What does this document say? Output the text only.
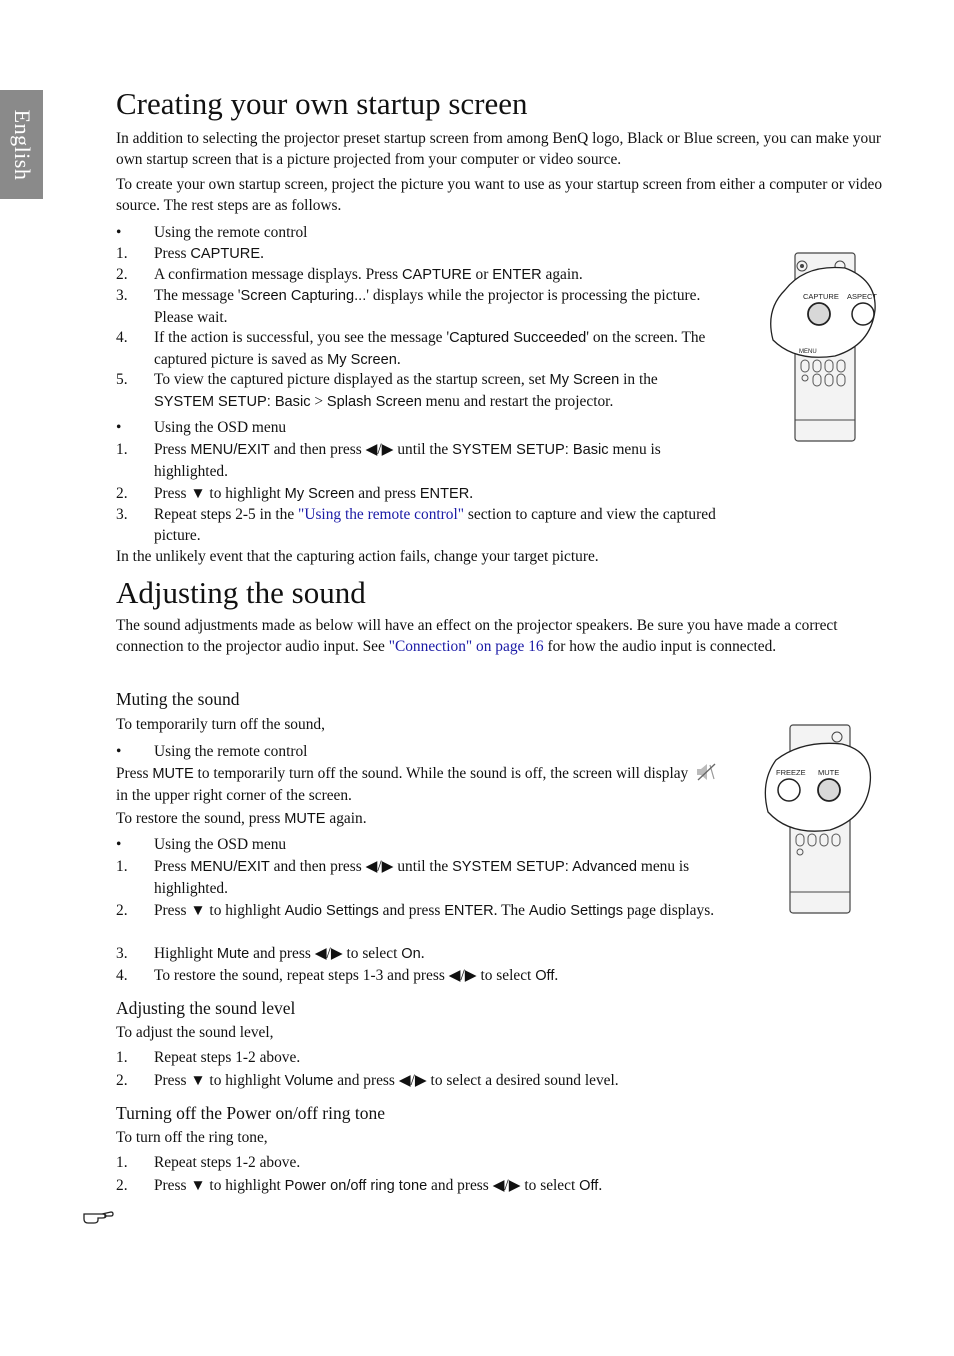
English
Creating your own startup screen

In addition to selecting the projector preset startup screen from among BenQ logo, Black or Blue screen, you can make your own startup screen that is a picture projected from your computer or video source.

To create your own startup screen, project the picture you want to use as your startup screen from either a computer or video source. The rest steps are as follows.

• Using the remote control
1. Press CAPTURE.
2. A confirmation message displays. Press CAPTURE or ENTER again.
3. The message 'Screen Capturing...' displays while the projector is processing the picture. Please wait.
4. If the action is successful, you see the message 'Captured Succeeded' on the screen. The captured picture is saved as My Screen.
5. To view the captured picture displayed as the startup screen, set My Screen in the SYSTEM SETUP: Basic > Splash Screen menu and restart the projector.
• Using the OSD menu
1. Press MENU/EXIT and then press ◀/▶ until the SYSTEM SETUP: Basic menu is highlighted.
2. Press ▼ to highlight My Screen and press ENTER.
3. Repeat steps 2-5 in the "Using the remote control" section to capture and view the captured picture.

In the unlikely event that the capturing action fails, change your target picture.

Adjusting the sound

The sound adjustments made as below will have an effect on the projector speakers. Be sure you have made a correct connection to the projector audio input. See "Connection" on page 16 for how the audio input is connected.

Muting the sound

To temporarily turn off the sound,

• Using the remote control

Press MUTE to temporarily turn off the sound. While the sound is off, the screen will display  in the upper right corner of the screen.

To restore the sound, press MUTE again.

• Using the OSD menu
1. Press MENU/EXIT and then press ◀/▶ until the SYSTEM SETUP: Advanced menu is highlighted.
2. Press ▼ to highlight Audio Settings and press ENTER. The Audio Settings page displays.
3. Highlight Mute and press ◀/▶ to select On.
4. To restore the sound, repeat steps 1-3 and press ◀/▶ to select Off.
Adjusting the sound level

To adjust the sound level,

1. Repeat steps 1-2 above.
2. Press ▼ to highlight Volume and press ◀/▶ to select a desired sound level.
Turning off the Power on/off ring tone

To turn off the ring tone,

1. Repeat steps 1-2 above.
2. Press ▼ to highlight Power on/off ring tone and press ◀/▶ to select Off.
CAPTURE ASPECT
MENU
FREEZE MUTE
